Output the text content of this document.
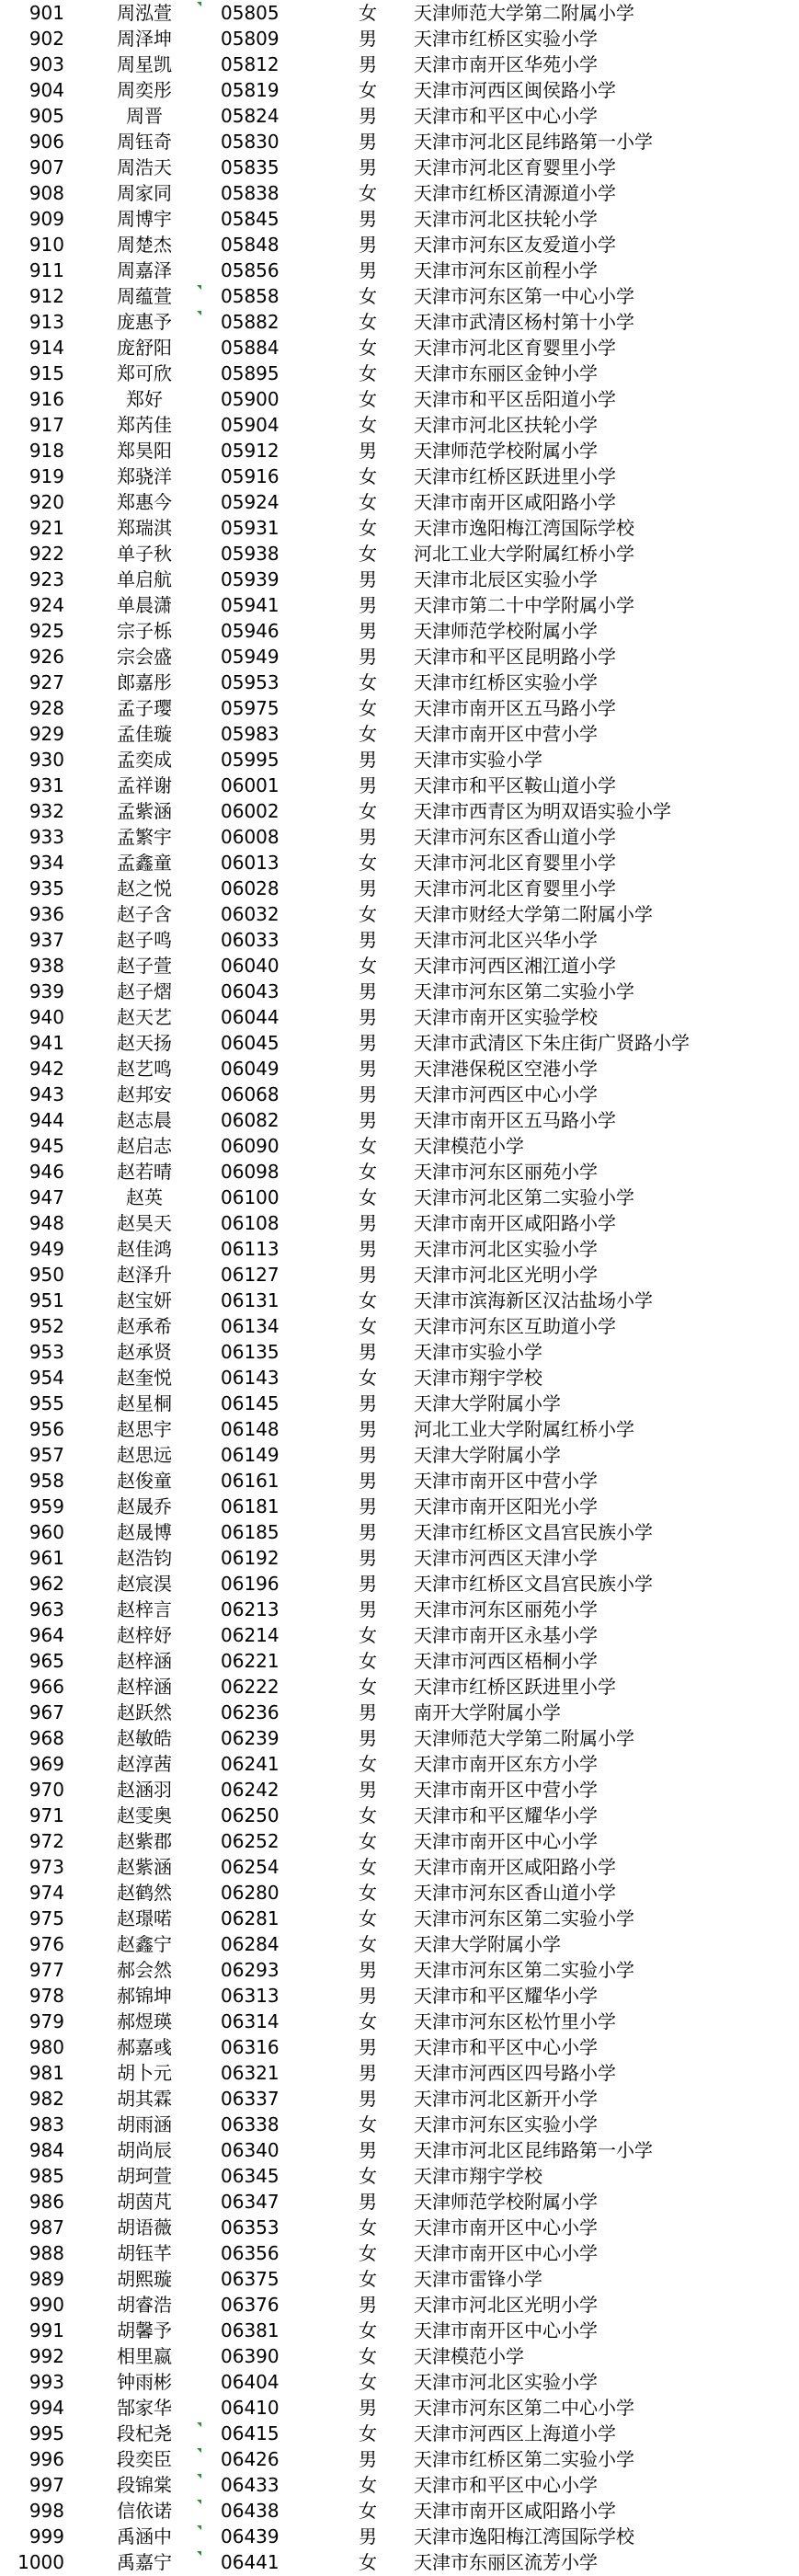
901	周泓萱	05805	女	天津师范大学第二附属小学
902	周泽坤	05809	男	天津市红桥区实验小学
903	周星凯	05812	男	天津市南开区华苑小学
904	周奕彤	05819	女	天津市河西区闽侯路小学
905	周晋	05824	男	天津市和平区中心小学
906	周钰奇	05830	男	天津市河北区昆纬路第一小学
907	周浩天	05835	男	天津市河北区育婴里小学
908	周家同	05838	女	天津市红桥区清源道小学
909	周博宇	05845	男	天津市河北区扶轮小学
910	周楚杰	05848	男	天津市河东区友爱道小学
911	周嘉泽	05856	男	天津市河东区前程小学
912	周蕴萱	05858	女	天津市河东区第一中心小学
913	庞惠予	05882	女	天津市武清区杨村第十小学
914	庞舒阳	05884	女	天津市河北区育婴里小学
915	郑可欣	05895	女	天津市东丽区金钟小学
916	郑好	05900	女	天津市和平区岳阳道小学
917	郑芮佳	05904	女	天津市河北区扶轮小学
918	郑昊阳	05912	男	天津师范学校附属小学
919	郑骁洋	05916	女	天津市红桥区跃进里小学
920	郑惠今	05924	女	天津市南开区咸阳路小学
921	郑瑞淇	05931	女	天津市逸阳梅江湾国际学校
922	单子秋	05938	女	河北工业大学附属红桥小学
923	单启航	05939	男	天津市北辰区实验小学
924	单晨潇	05941	男	天津市第二十中学附属小学
925	宗子栎	05946	男	天津师范学校附属小学
926	宗会盛	05949	男	天津市和平区昆明路小学
927	郎嘉彤	05953	女	天津市红桥区实验小学
928	孟子璎	05975	女	天津市南开区五马路小学
929	孟佳璇	05983	女	天津市南开区中营小学
930	孟奕成	05995	男	天津市实验小学
931	孟祥谢	06001	男	天津市和平区鞍山道小学
932	孟紫涵	06002	女	天津市西青区为明双语实验小学
933	孟繁宇	06008	男	天津市河东区香山道小学
934	孟鑫童	06013	女	天津市河北区育婴里小学
935	赵之悦	06028	男	天津市河北区育婴里小学
936	赵子含	06032	女	天津市财经大学第二附属小学
937	赵子鸣	06033	男	天津市河北区兴华小学
938	赵子萱	06040	女	天津市河西区湘江道小学
939	赵子熠	06043	男	天津市河东区第二实验小学
940	赵天艺	06044	男	天津市南开区实验学校
941	赵天扬	06045	男	天津市武清区下朱庄街广贤路小学
942	赵艺鸣	06049	男	天津港保税区空港小学
943	赵邦安	06068	男	天津市河西区中心小学
944	赵志晨	06082	男	天津市南开区五马路小学
945	赵启志	06090	女	天津模范小学
946	赵若晴	06098	女	天津市河东区丽苑小学
947	赵英	06100	女	天津市河北区第二实验小学
948	赵昊天	06108	男	天津市南开区咸阳路小学
949	赵佳鸿	06113	男	天津市河北区实验小学
950	赵泽升	06127	男	天津市河北区光明小学
951	赵宝妍	06131	女	天津市滨海新区汉沽盐场小学
952	赵承希	06134	女	天津市河东区互助道小学
953	赵承贤	06135	男	天津市实验小学
954	赵奎悦	06143	女	天津市翔宇学校
955	赵星桐	06145	男	天津大学附属小学
956	赵思宇	06148	男	河北工业大学附属红桥小学
957	赵思远	06149	男	天津大学附属小学
958	赵俊童	06161	男	天津市南开区中营小学
959	赵晟乔	06181	男	天津市南开区阳光小学
960	赵晟博	06185	男	天津市红桥区文昌宫民族小学
961	赵浩钧	06192	男	天津市河西区天津小学
962	赵宸淏	06196	男	天津市红桥区文昌宫民族小学
963	赵梓言	06213	男	天津市河东区丽苑小学
964	赵梓妤	06214	女	天津市南开区永基小学
965	赵梓涵	06221	女	天津市河西区梧桐小学
966	赵梓涵	06222	女	天津市红桥区跃进里小学
967	赵跃然	06236	男	南开大学附属小学
968	赵敏皓	06239	男	天津师范大学第二附属小学
969	赵淳茜	06241	女	天津市南开区东方小学
970	赵涵羽	06242	男	天津市南开区中营小学
971	赵雯奥	06250	女	天津市和平区耀华小学
972	赵紫郡	06252	女	天津市南开区中心小学
973	赵紫涵	06254	女	天津市南开区咸阳路小学
974	赵鹤然	06280	女	天津市河东区香山道小学
975	赵璟喏	06281	女	天津市河东区第二实验小学
976	赵鑫宁	06284	女	天津大学附属小学
977	郝会然	06293	男	天津市河东区第二实验小学
978	郝锦坤	06313	男	天津市和平区耀华小学
979	郝煜瑛	06314	女	天津市河东区松竹里小学
980	郝嘉彧	06316	男	天津市和平区中心小学
981	胡卜元	06321	男	天津市河西区四号路小学
982	胡其霖	06337	男	天津市河北区新开小学
983	胡雨涵	06338	女	天津市河东区实验小学
984	胡尚辰	06340	男	天津市河北区昆纬路第一小学
985	胡珂萱	06345	女	天津市翔宇学校
986	胡茵芃	06347	男	天津师范学校附属小学
987	胡语薇	06353	女	天津市南开区中心小学
988	胡钰芊	06356	女	天津市南开区中心小学
989	胡熙璇	06375	女	天津市雷锋小学
990	胡睿浩	06376	男	天津市河北区光明小学
991	胡馨予	06381	女	天津市南开区中心小学
992	相里嬴	06390	女	天津模范小学
993	钟雨彬	06404	女	天津市河北区实验小学
994	郜家华	06410	男	天津市河东区第二中心小学
995	段杞尧	06415	女	天津市河西区上海道小学
996	段奕臣	06426	男	天津市红桥区第二实验小学
997	段锦棠	06433	女	天津市和平区中心小学
998	信依诺	06438	女	天津市南开区咸阳路小学
999	禹涵中	06439	男	天津市逸阳梅江湾国际学校
1000	禹嘉宁	06441	女	天津市东丽区流芳小学
